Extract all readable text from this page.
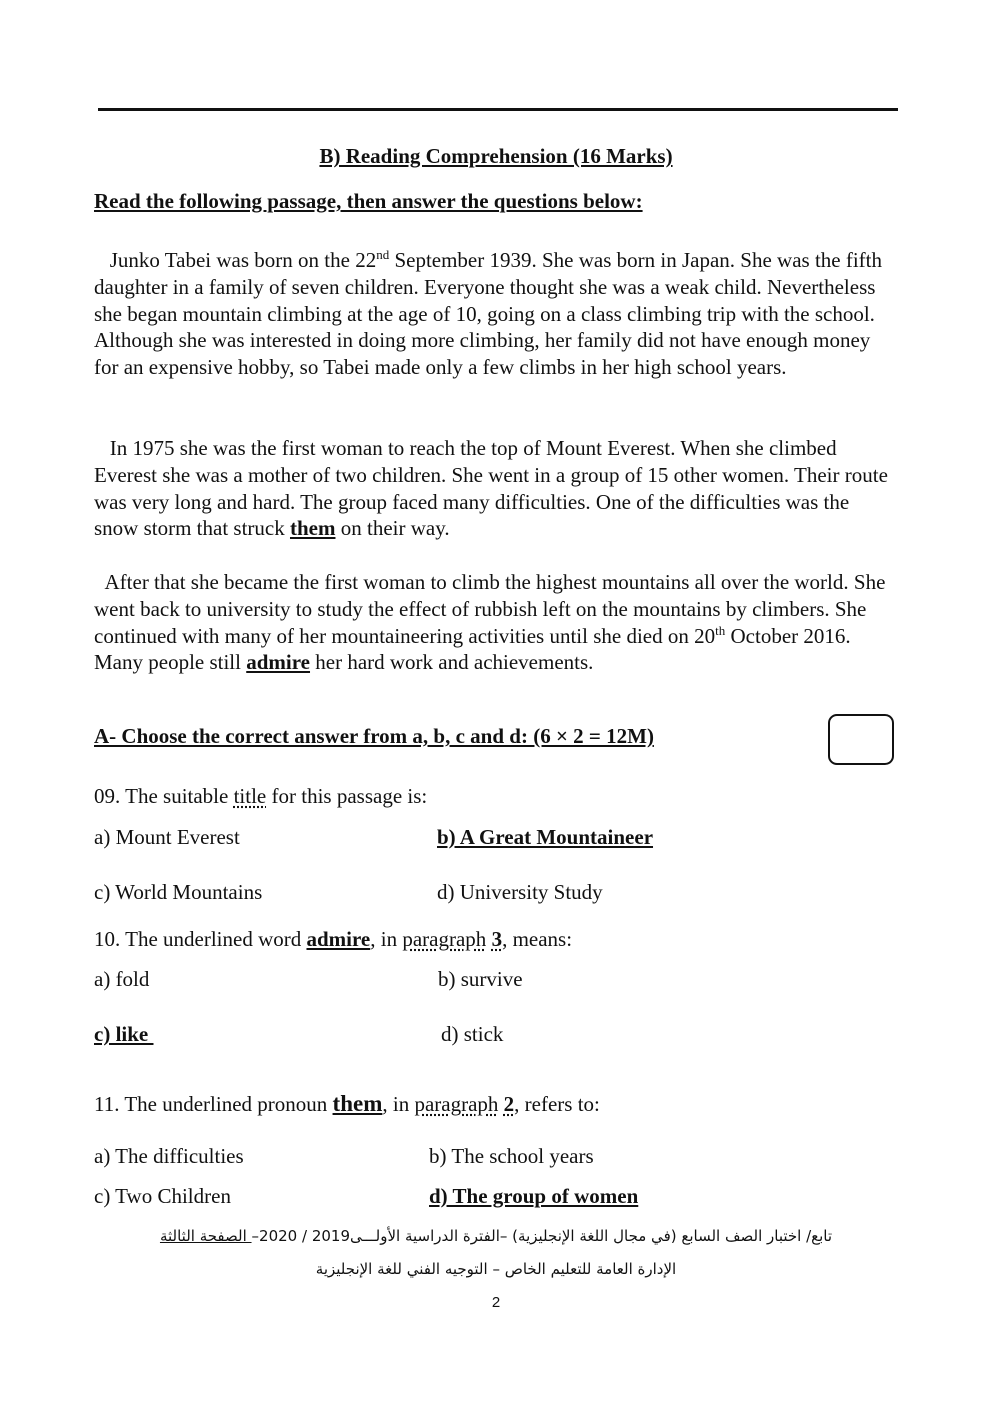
B) Reading Comprehension (16 Marks)
Read the following passage, then answer the questions below:

Junko Tabei was born on the 22nd September 1939. She was born in Japan. She was the fifth daughter in a family of seven children. Everyone thought she was a weak child. Nevertheless she began mountain climbing at the age of 10, going on a class climbing trip with the school. Although she was interested in doing more climbing, her family did not have enough money for an expensive hobby, so Tabei made only a few climbs in her high school years.

In 1975 she was the first woman to reach the top of Mount Everest. When she climbed Everest she was a mother of two children. She went in a group of 15 other women. Their route was very long and hard. The group faced many difficulties. One of the difficulties was the snow storm that struck them on their way.

After that she became the first woman to climb the highest mountains all over the world. She went back to university to study the effect of rubbish left on the mountains by climbers. She continued with many of her mountaineering activities until she died on 20th October 2016. Many people still admire her hard work and achievements.

A- Choose the correct answer from a, b, c and d: (6 × 2 = 12M)
09. The suitable title for this passage is:
a) Mount Everest	b) A Great Mountaineer
c) World Mountains	d) University Study
10. The underlined word admire, in paragraph 3, means:
a) fold	b) survive
c) like	d) stick
11. The underlined pronoun them, in paragraph 2, refers to:
a) The difficulties	b) The school years
c) Two Children	d) The group of women
تابع/ اختبار الصف السابع (في مجال اللغة الإنجليزية) –الفترة الدراسية الأولـــى2019 / 2020– الصفحة الثالثة
الإدارة العامة للتعليم الخاص – التوجيه الفني للغة الإنجليزية
2
